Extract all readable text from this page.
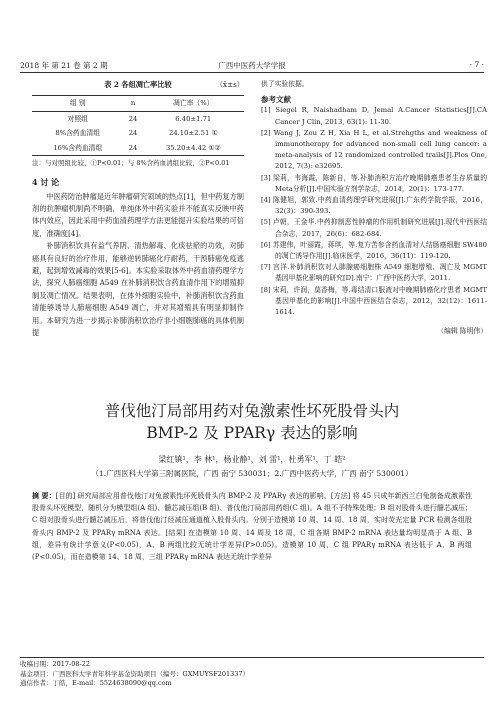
2018 年 第 21 卷 第 2 期	广西中医药大学学报	· 7 ·
表 2 各组凋亡率比较	（x̄±s）
组 别	n	凋亡率（%）
对照组	24	6.40±1.71
8%含药血清组	24	24.10±2.51 ①
16%含药血清组	24	35.20±4.42 ①②
注：与对照组比较，①P<0.01；与 8%含药血清组比较，②P<0.01
4 讨 论

中医药防治肿瘤是近年肿瘤研究领域的热点[1]，但中药复方制剂的抗肿瘤机制尚不明确，单纯体外中药实验并不能真实反映中药体内效应，因此采用中药血清药理学方法更能提升实验结果的可信度，准确度[4]。

补肺消积饮具有益气养阴、清热解毒、化痰祛瘀的功效，对肺癌具有良好的治疗作用，能够逆转肺癌化疗耐药，干预肺癌免疫逃避，起到增效减毒的效果[5-6]。本实验采取体外中药血清药理学方法，探究人肺癌细胞 A549 在补肺消积饮含药血清作用下的增殖抑制及凋亡情况。结果表明，在体外细胞实验中，补肺消积饮含药血清能够诱导人肺癌细胞 A549 凋亡，并对其增殖具有明显抑制作用。本研究为进一步揭示补肺消积饮治疗非小细胞肺癌的具体机制提

供了实验依据。
参考文献

[1] Siegel R, Naishadham D, Jemal A.Cancer Statistics[J].CA Cancer J Clin, 2013, 63(1): 11-30.

[2] Wang J, Zou Z H, Xia H L, et al.Strehgths and weakness of immunotherapy for advanced non-small cell lung cancer: a meta-analysis of 12 randomized controlled trails[J].Plos One, 2012, 7(3): e32695.

[3] 梁莉，韦海霞，陈新自，等.补肺消积方治疗晚期肺癌患者生存质量的Meta分析[J].中国实验方剂学杂志，2014，20(1)：173-177.

[4] 陈健旭，郭致.中药血清药理学研究进展[J].广东药学院学报，2016，32(3)：390-393.

[5] 卢朝，王金华.中药抑制恶性肿瘤的作用机制研究进展[J].现代中西医结合杂志，2017，26(6)：682-684.

[6] 苏建伟，叶丽霞，蒋琪，等.复方苦参含药血清对人结肠癌细胞 SW480 的凋亡诱导作用[J].临床医学，2016，36(11)：119-120.

[7] 宫洋.补肺消积饮对人肺腺癌细胞株 A549 细胞增殖、凋亡及 MGMT 基因甲基化影响的研究[D].南宁：广西中医药大学，2011.

[8] 宋莉，许润，莫香梅，等.毒结清口服液对中晚期肺癌化疗患者 MGMT 基因甲基化的影响[J].中国中西医结合杂志，2012，32(12)：1611-1614.

（编辑 陈明伟）
普伐他汀局部用药对兔激素性坏死股骨头内
BMP-2 及 PPARγ 表达的影响
梁红镇¹，李 林¹，杨业静¹，刘 雷¹，杜勇军¹，丁 皓²
（1.广西医科大学第三附属医院，广西 南宁 530031；2.广西中医药大学，广西 南宁 530001）
摘 要：[目的] 研究局部应用普伐他汀对兔激素性坏死股骨头内 BMP-2 及 PPARγ 表达的影响。[方法] 将 45 只成年新西兰白兔制备成激素性股骨头坏死模型，随机分为模型组(A 组)、髓芯减压组(B 组)、普伐他汀局部用药组(C 组)。A 组不予特殊处理；B 组对股骨头进行髓芯减压；C 组对股骨头进行髓芯减压后，将普伐他汀经减压通道植入股骨头内。分别于造模第 10 周、14 周、18 周，实时荧光定量 PCR 检测各组股骨头内 BMP-2 及 PPARγ mRNA 表达。[结果] 在造模第 10 周、14 周及 18 周，C 组各期 BMP-2 mRNA 表达量均明显高于 A 组、B 组，差异有统计学意义(P<0.05)，A、B 两组比较无统计学差异(P>0.05)。造模第 10 周，C 组 PPARγ mRNA 表达低于 A、B 两组(P<0.05)，而在造模第 14、18 周，三组 PPARγ mRNA 表达无统计学差异
收稿日期：2017-08-22
基金项目：广西医科大学青年科学基金资助项目（编号：GXMUYSF201337）
通信作者：丁皓，E-mail：5524638090@qq.com
